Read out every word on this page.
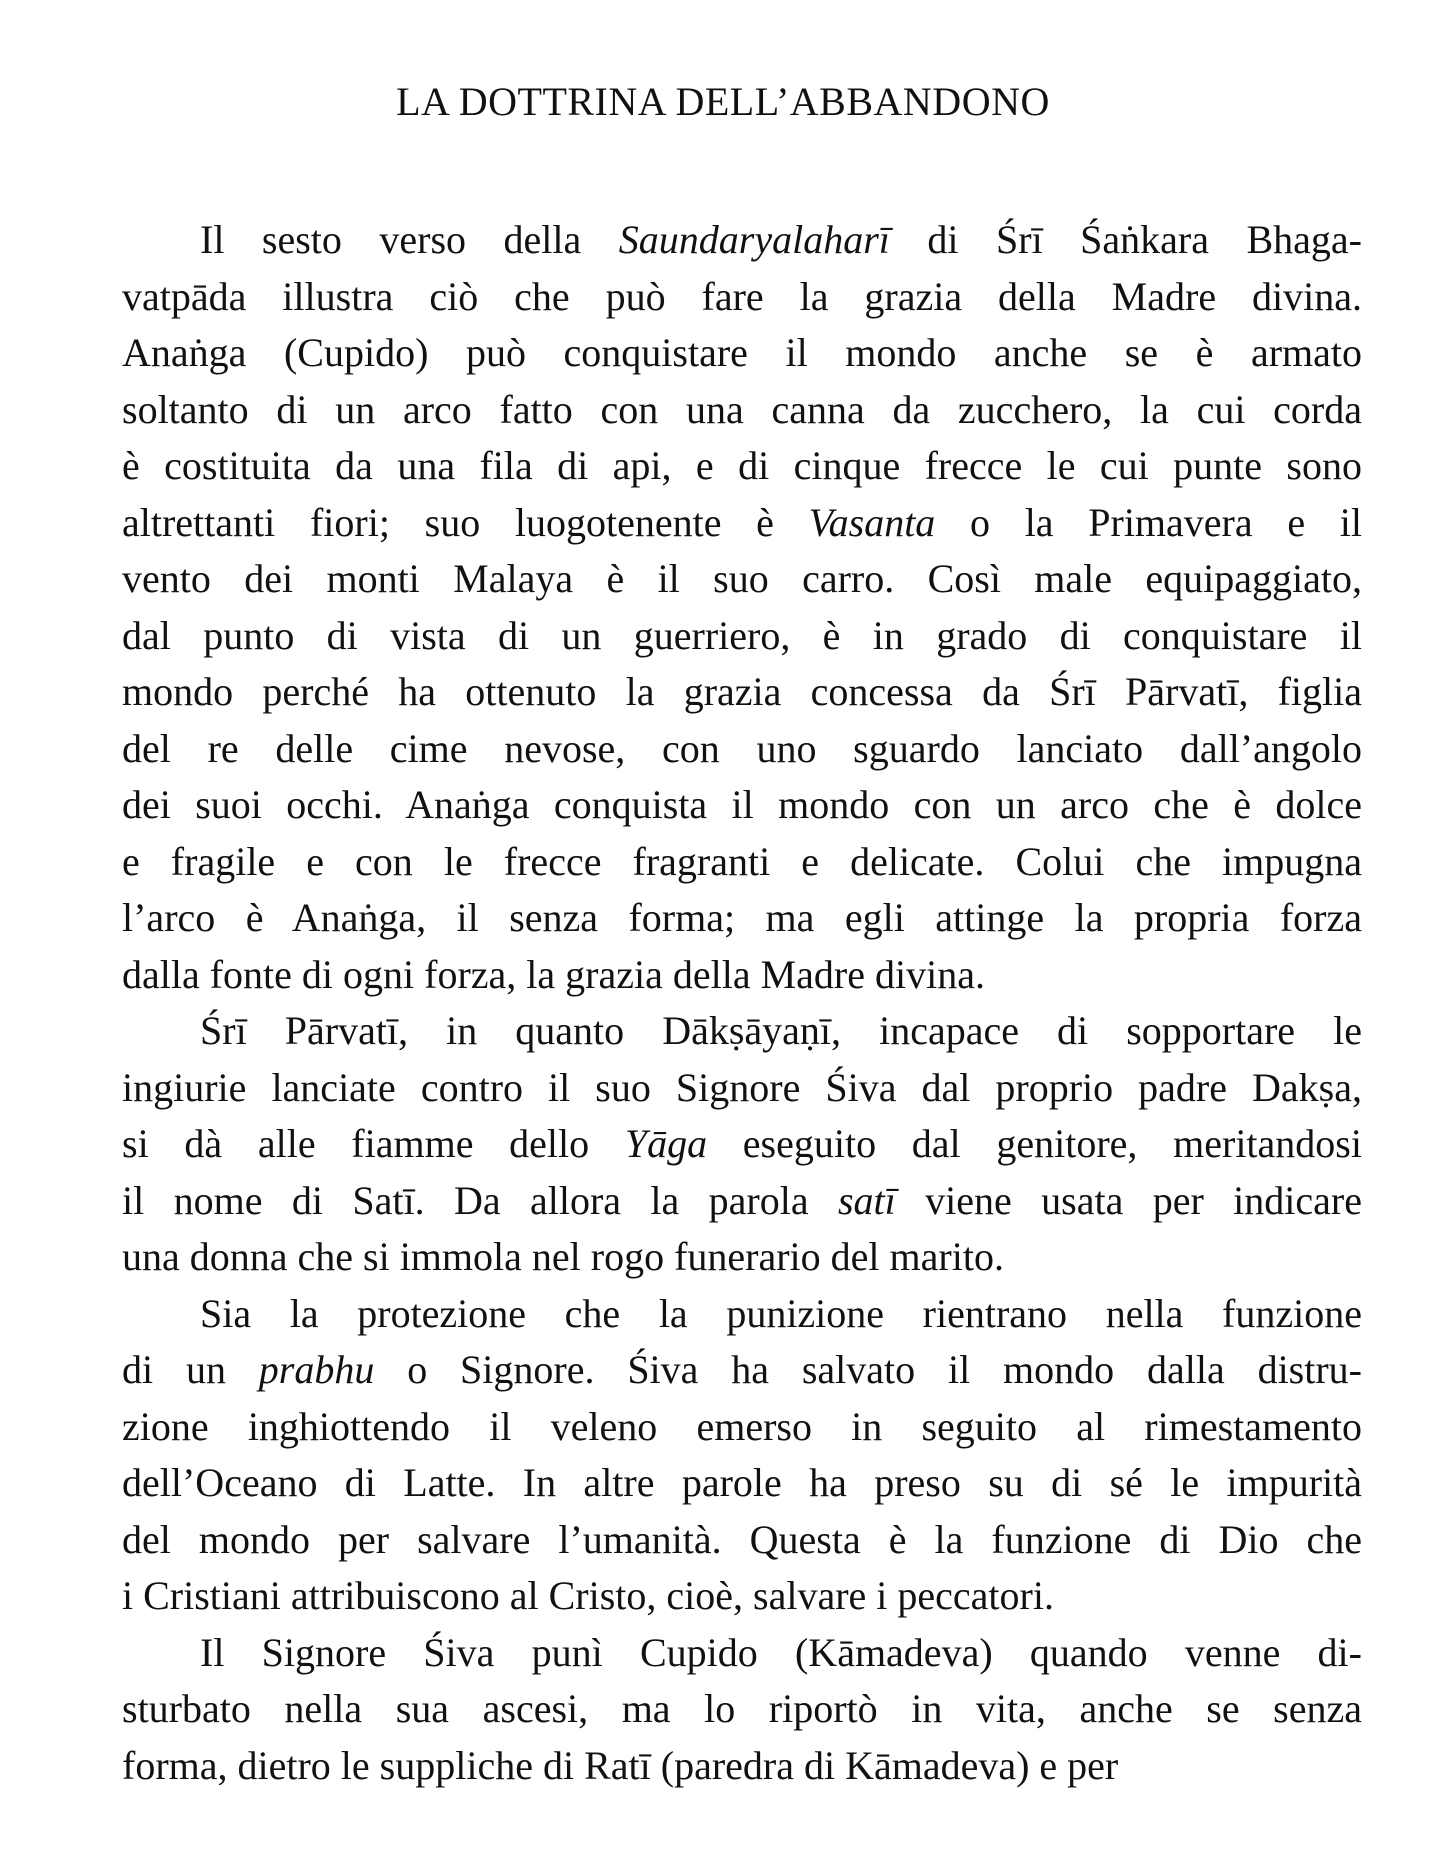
LA DOTTRINA DELL’ABBANDONO
Il sesto verso della Saundaryalaharī di Śrī Śaṅkara Bhaga-
vatpāda illustra ciò che può fare la grazia della Madre divina.
Anaṅga (Cupido) può conquistare il mondo anche se è armato
soltanto di un arco fatto con una canna da zucchero, la cui corda
è costituita da una fila di api, e di cinque frecce le cui punte sono
altrettanti fiori; suo luogotenente è Vasanta o la Primavera e il
vento dei monti Malaya è il suo carro. Così male equipaggiato,
dal punto di vista di un guerriero, è in grado di conquistare il
mondo perché ha ottenuto la grazia concessa da Śrī Pārvatī, figlia
del re delle cime nevose, con uno sguardo lanciato dall’angolo
dei suoi occhi. Anaṅga conquista il mondo con un arco che è dolce
e fragile e con le frecce fragranti e delicate. Colui che impugna
l’arco è Anaṅga, il senza forma; ma egli attinge la propria forza
dalla fonte di ogni forza, la grazia della Madre divina.
Śrī Pārvatī, in quanto Dākṣāyaṇī, incapace di sopportare le
ingiurie lanciate contro il suo Signore Śiva dal proprio padre Dakṣa,
si dà alle fiamme dello Yāga eseguito dal genitore, meritandosi
il nome di Satī. Da allora la parola satī viene usata per indicare
una donna che si immola nel rogo funerario del marito.
Sia la protezione che la punizione rientrano nella funzione
di un prabhu o Signore. Śiva ha salvato il mondo dalla distru-
zione inghiottendo il veleno emerso in seguito al rimestamento
dell’Oceano di Latte. In altre parole ha preso su di sé le impurità
del mondo per salvare l’umanità. Questa è la funzione di Dio che
i Cristiani attribuiscono al Cristo, cioè, salvare i peccatori.
Il Signore Śiva punì Cupido (Kāmadeva) quando venne di-
sturbato nella sua ascesi, ma lo riportò in vita, anche se senza
forma, dietro le suppliche di Ratī (paredra di Kāmadeva) e per
